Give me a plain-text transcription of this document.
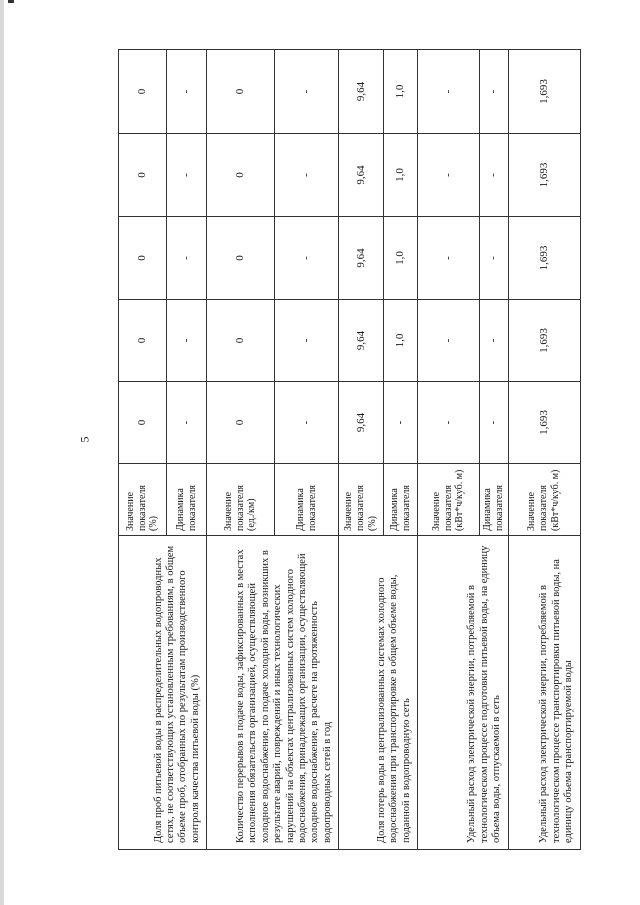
5
Доля проб питьевой воды в распределительных водопроводных сетях, не соответствующих установленным требованиям, в общем объеме проб, отобранных по результатам производственного контроля качества питьевой воды (%)	Значение показателя (%)	0	0	0	0	0
	Динамика показателя	-	-	-	-	-
Количество перерывов в подаче воды, зафиксированных в местах исполнения обязательств организацией, осуществляющей холодное водоснабжение, по подаче холодной воды, возникших в результате аварий, повреждений и иных технологических нарушений на объектах централизованных систем холодного водоснабжения, принадлежащих организации, осуществляющей холодное водоснабжение, в расчете на протяженность водопроводных сетей в год	Значение показателя (ед./км)	0	0	0	0	0
	Динамика показателя	-	-	-	-	-
Доля потерь воды в централизованных системах холодного водоснабжения при транспортировке в общем объеме воды, поданной в водопроводную сеть	Значение показателя (%)	9,64	9,64	9,64	9,64	9,64
	Динамика показателя	-	1,0	1,0	1,0	1,0
Удельный расход электрической энергии, потребляемой в технологическом процессе подготовки питьевой воды, на единицу объема воды, отпускаемой в сеть	Значение показателя (кВт*ч/куб. м)	-	-	-	-	-
	Динамика показателя	-	-	-	-	-
Удельный расход электрической энергии, потребляемой в технологическом процессе транспортировки питьевой воды, на единицу объема транспортируемой воды	Значение показателя (кВт*ч/куб. м)	1,693	1,693	1,693	1,693	1,693
